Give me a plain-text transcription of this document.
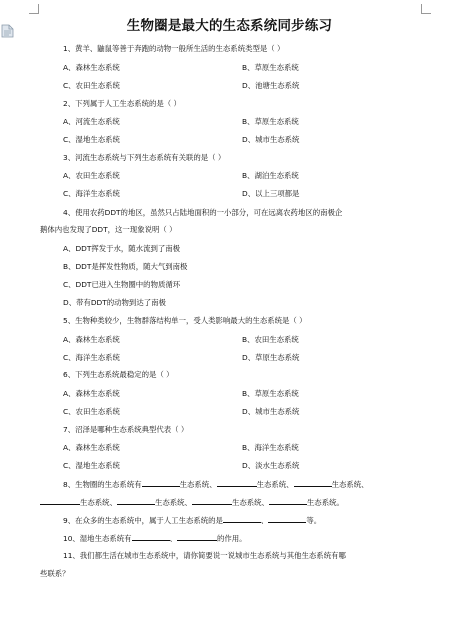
生物圈是最大的生态系统同步练习
1、黄羊、鼬鼠等善于奔跑的动物一般所生活的生态系统类型是（ ）
A、森林生态系统	B、草原生态系统
C、农田生态系统	D、池塘生态系统
2、下列属于人工生态系统的是（ ）
A、河流生态系统	B、草原生态系统
C、湿地生态系统	D、城市生态系统
3、河流生态系统与下列生态系统有关联的是（ ）
A、农田生态系统	B、湖泊生态系统
C、海洋生态系统	D、以上三项都是
4、使用农药DDT的地区，虽然只占陆地面积的一小部分，可在远离农药地区的南极企
鹅体内也发现了DDT，这一现象说明（ ）
A、DDT挥发于水，随水流到了南极
B、DDT是挥发性物质，随大气到南极
C、DDT已进入生物圈中的物质循环
D、带有DDT的动物到达了南极
5、生物种类较少，生物群落结构单一，受人类影响最大的生态系统是（ ）
A、森林生态系统	B、农田生态系统
C、海洋生态系统	D、草原生态系统
6、下列生态系统最稳定的是（ ）
A、森林生态系统	B、草原生态系统
C、农田生态系统	D、城市生态系统
7、沼泽是哪种生态系统典型代表（ ）
A、森林生态系统	B、海洋生态系统
C、湿地生态系统	D、淡水生态系统
8、生物圈的生态系统有	生态系统、	生态系统、	生态系统、
生态系统、	生态系统、	生态系统、	生态系统。
9、在众多的生态系统中，属于人工生态系统的是	、	等。
10、湿地生态系统有	、	的作用。
11、我们都生活在城市生态系统中，请你简要说一说城市生态系统与其他生态系统有哪
些联系？
